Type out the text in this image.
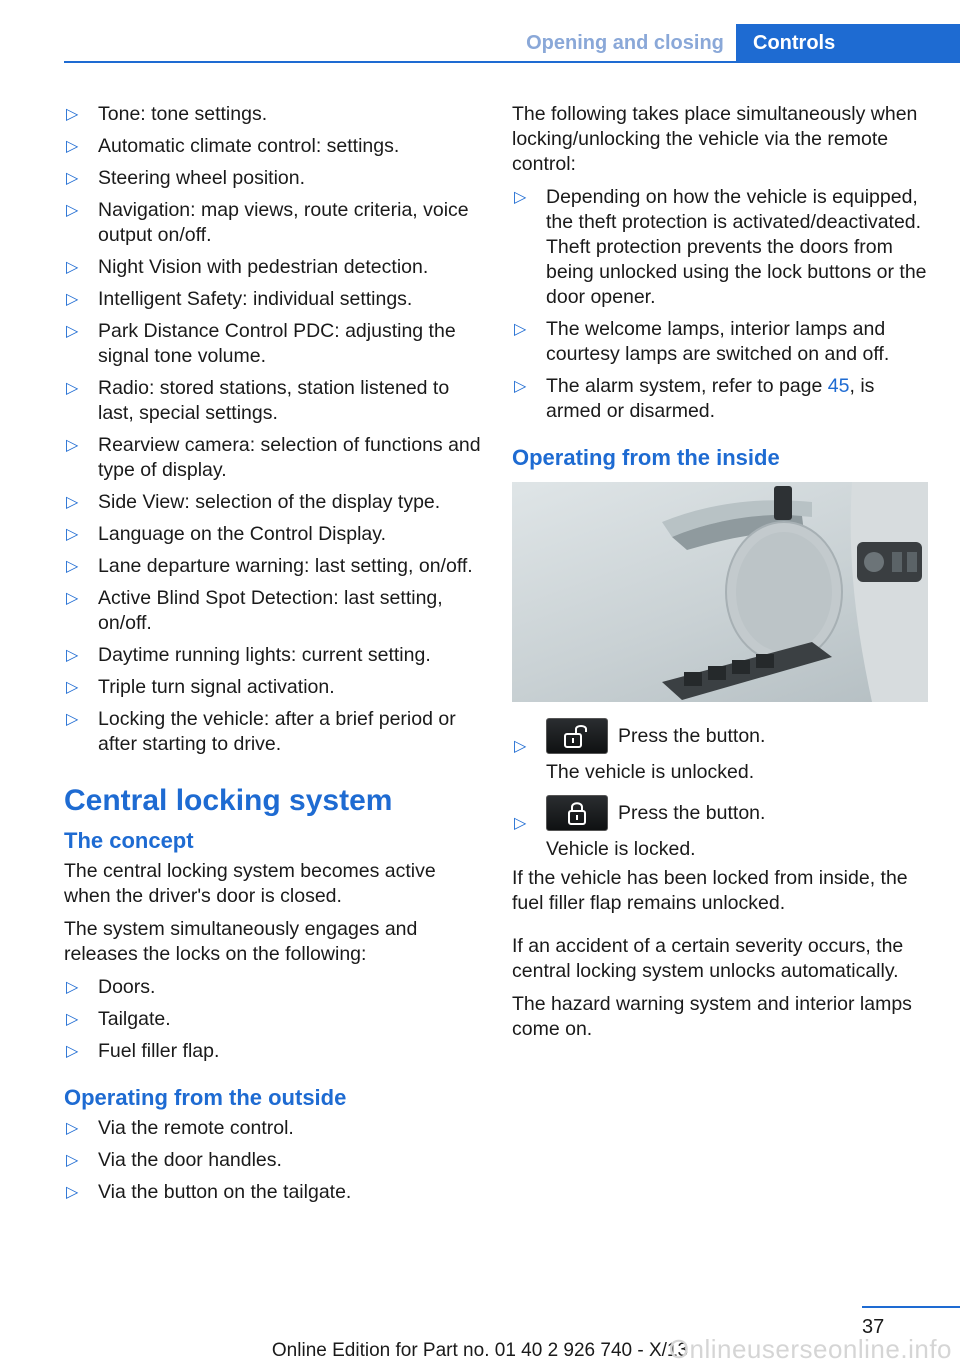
Opening and closing	Controls
▷ Tone: tone settings.
▷ Automatic climate control: settings.
▷ Steering wheel position.
▷ Navigation: map views, route criteria, voice output on/off.
▷ Night Vision with pedestrian detection.
▷ Intelligent Safety: individual settings.
▷ Park Distance Control PDC: adjusting the signal tone volume.
▷ Radio: stored stations, station listened to last, special settings.
▷ Rearview camera: selection of functions and type of display.
▷ Side View: selection of the display type.
▷ Language on the Control Display.
▷ Lane departure warning: last setting, on/off.
▷ Active Blind Spot Detection: last setting, on/off.
▷ Daytime running lights: current setting.
▷ Triple turn signal activation.
▷ Locking the vehicle: after a brief period or after starting to drive.
Central locking system
The concept

The central locking system becomes active when the driver's door is closed.

The system simultaneously engages and releases the locks on the following:

▷ Doors.
▷ Tailgate.
▷ Fuel filler flap.
Operating from the outside
▷ Via the remote control.
▷ Via the door handles.
▷ Via the button on the tailgate.

The following takes place simultaneously when locking/unlocking the vehicle via the remote control:

▷ Depending on how the vehicle is equipped, the theft protection is activated/deactivated. Theft protection prevents the doors from being unlocked using the lock buttons or the door opener.
▷ The welcome lamps, interior lamps and courtesy lamps are switched on and off.
▷ The alarm system, refer to page 45, is armed or disarmed.
Operating from the inside
▷	Press the button.
The vehicle is unlocked.
▷	Press the button.
Vehicle is locked.

If the vehicle has been locked from inside, the fuel filler flap remains unlocked.

If an accident of a certain severity occurs, the central locking system unlocks automatically.

The hazard warning system and interior lamps come on.

37
Online Edition for Part no. 01 40 2 926 740 - X/13
Onlineuserseonline.info
